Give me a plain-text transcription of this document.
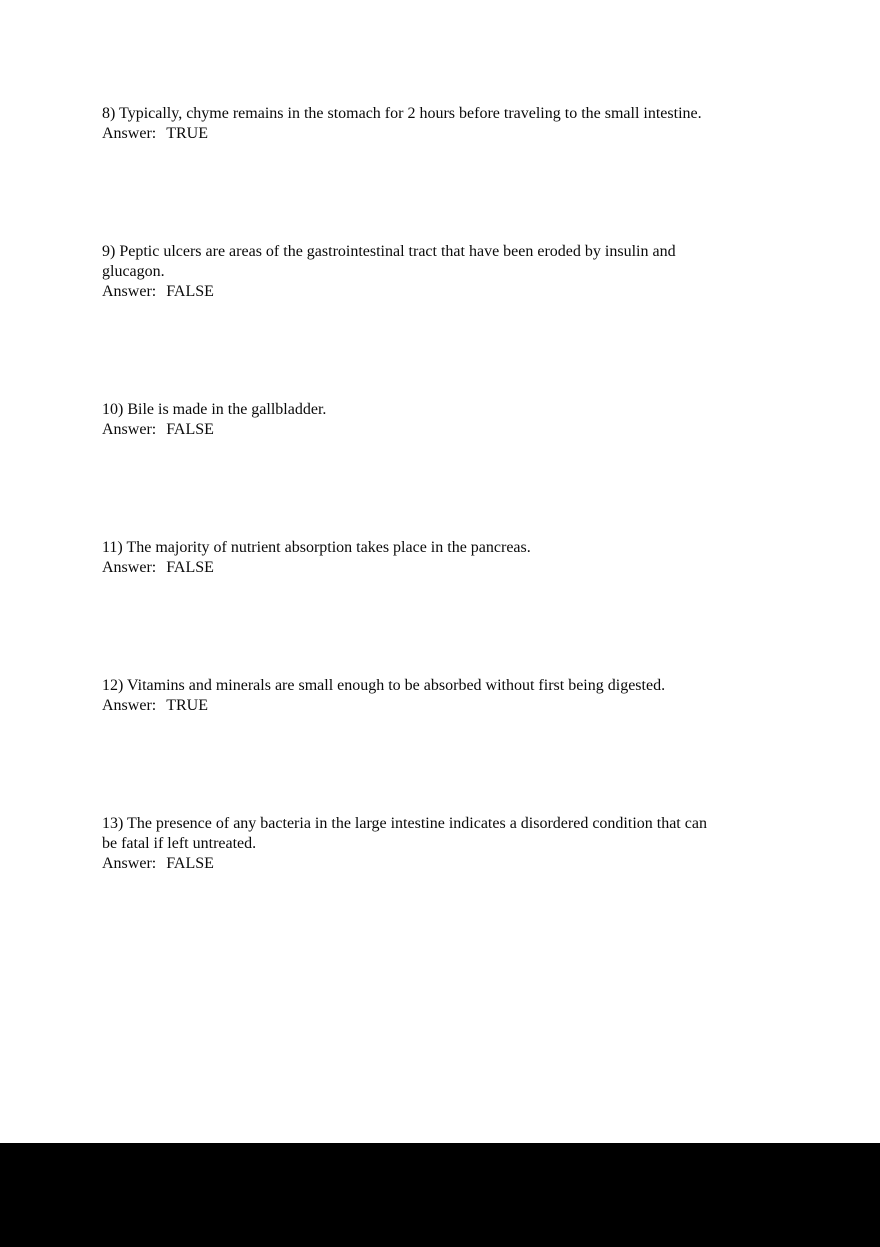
8) Typically, chyme remains in the stomach for 2 hours before traveling to the small intestine.
Answer: TRUE
9) Peptic ulcers are areas of the gastrointestinal tract that have been eroded by insulin and
glucagon.
Answer: FALSE
10) Bile is made in the gallbladder.
Answer: FALSE
11) The majority of nutrient absorption takes place in the pancreas.
Answer: FALSE
12) Vitamins and minerals are small enough to be absorbed without first being digested.
Answer: TRUE
13) The presence of any bacteria in the large intestine indicates a disordered condition that can
be fatal if left untreated.
Answer: FALSE
